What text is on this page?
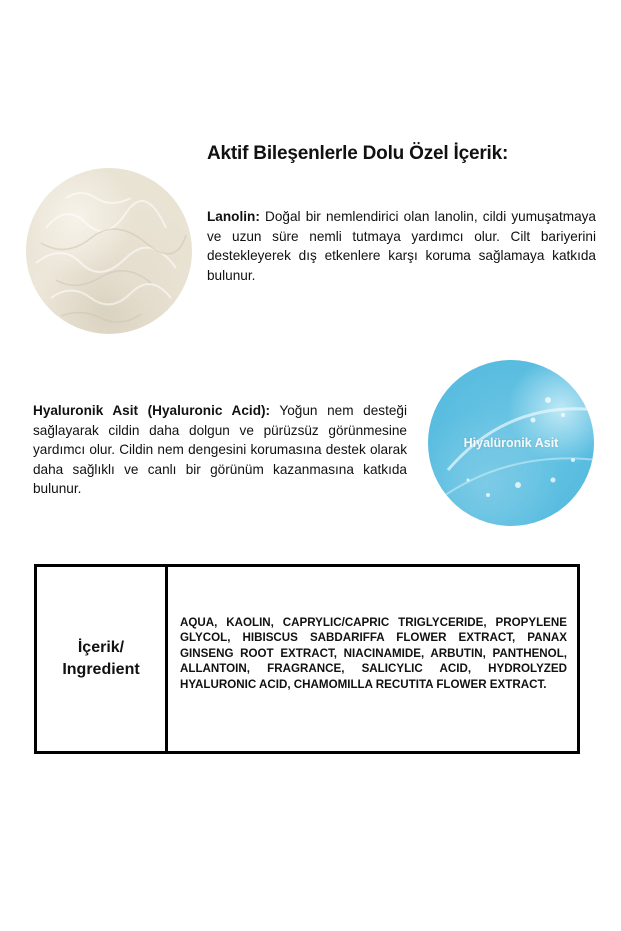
Aktif Bileşenlerle Dolu Özel İçerik:
Lanolin: Doğal bir nemlendirici olan lanolin, cildi yumuşatmaya ve uzun süre nemli tutmaya yardımcı olur. Cilt bariyerini destekleyerek dış etkenlere karşı koruma sağlamaya katkıda bulunur.
Hyaluronik Asit (Hyaluronic Acid): Yoğun nem desteği sağlayarak cildin daha dolgun ve pürüzsüz görünmesine yardımcı olur. Cildin nem dengesini korumasına destek olarak daha sağlıklı ve canlı bir görünüm kazanmasına katkıda bulunur.
Hiyalüronik Asit
İçerik/
Ingredient
AQUA, KAOLIN, CAPRYLIC/CAPRIC TRIGLYCERIDE, PROPYLENE GLYCOL, HIBISCUS SABDARIFFA FLOWER EXTRACT, PANAX GINSENG ROOT EXTRACT, NIACINAMIDE, ARBUTIN, PANTHENOL, ALLANTOIN, FRAGRANCE, SALICYLIC ACID, HYDROLYZED HYALURONIC ACID, CHAMOMILLA RECUTITA FLOWER EXTRACT.
